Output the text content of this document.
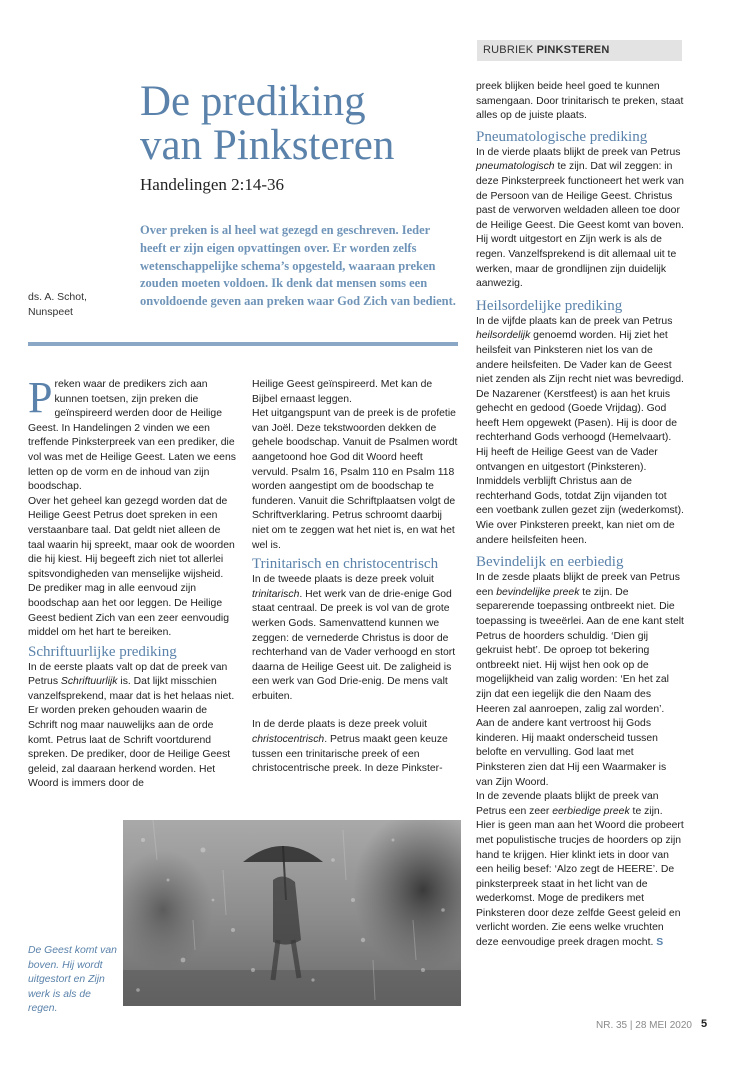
RUBRIEK PINKSTEREN
De prediking
van Pinksteren
Handelingen 2:14-36
Over preken is al heel wat gezegd en geschreven. Ieder heeft er zijn eigen opvattingen over. Er worden zelfs wetenschappelijke schema’s opgesteld, waaraan preken zouden moeten voldoen. Ik denk dat mensen soms een onvoldoende geven aan preken waar God Zich van bedient.
ds. A. Schot,
Nunspeet

Preken waar de predikers zich aan kunnen toetsen, zijn preken die geïnspireerd werden door de Heilige Geest. In Handelingen 2 vinden we een treffende Pinksterpreek van een prediker, die vol was met de Heilige Geest. Laten we eens letten op de vorm en de inhoud van zijn boodschap.

Over het geheel kan gezegd worden dat de Heilige Geest Petrus doet spreken in een verstaanbare taal. Dat geldt niet alleen de taal waarin hij spreekt, maar ook de woorden die hij kiest. Hij begeeft zich niet tot allerlei spitsvondigheden van menselijke wijsheid. De prediker mag in alle eenvoud zijn boodschap aan het oor leggen. De Heilige Geest bedient Zich van een zeer eenvoudig middel om het hart te bereiken.

Schriftuurlijke prediking

In de eerste plaats valt op dat de preek van Petrus Schriftuurlijk is. Dat lijkt misschien vanzelfsprekend, maar dat is het helaas niet. Er worden preken gehouden waarin de Schrift nog maar nauwelijks aan de orde komt. Petrus laat de Schrift voortdurend spreken. De prediker, door de Heilige Geest geleid, zal daaraan herkend worden. Het Woord is immers door de

Heilige Geest geïnspireerd. Met kan de Bijbel ernaast leggen.

Het uitgangspunt van de preek is de profetie van Joël. Deze tekstwoorden dekken de gehele boodschap. Vanuit de Psalmen wordt aangetoond hoe God dit Woord heeft vervuld. Psalm 16, Psalm 110 en Psalm 118 worden aangestipt om de boodschap te funderen. Vanuit die Schriftplaatsen volgt de Schriftverklaring. Petrus schroomt daarbij niet om te zeggen wat het niet is, en wat het wel is.

Trinitarisch en christocentrisch

In de tweede plaats is deze preek voluit trinitarisch. Het werk van de drie-enige God staat centraal. De preek is vol van de grote werken Gods. Samenvattend kunnen we zeggen: de vernederde Christus is door de rechterhand van de Vader verhoogd en stort daarna de Heilige Geest uit. De zaligheid is een werk van God Drie-enig. De mens valt erbuiten.

In de derde plaats is deze preek voluit christocentrisch. Petrus maakt geen keuze tussen een trinitarische preek of een christocentrische preek. In deze Pinkster-

preek blijken beide heel goed te kunnen samengaan. Door trinitarisch te preken, staat alles op de juiste plaats.

Pneumatologische prediking

In de vierde plaats blijkt de preek van Petrus pneumatologisch te zijn. Dat wil zeggen: in deze Pinksterpreek functioneert het werk van de Persoon van de Heilige Geest. Christus past de verworven weldaden alleen toe door de Heilige Geest. Die Geest komt van boven. Hij wordt uitgestort en Zijn werk is als de regen. Vanzelfsprekend is dit allemaal uit te werken, maar de grondlijnen zijn duidelijk aanwezig.

Heilsordelijke prediking

In de vijfde plaats kan de preek van Petrus heilsordelijk genoemd worden. Hij ziet het heilsfeit van Pinksteren niet los van de andere heilsfeiten. De Vader kan de Geest niet zenden als Zijn recht niet was bevredigd. De Nazarener (Kerstfeest) is aan het kruis gehecht en gedood (Goede Vrijdag). God heeft Hem opgewekt (Pasen). Hij is door de rechterhand Gods verhoogd (Hemelvaart). Hij heeft de Heilige Geest van de Vader ontvangen en uitgestort (Pinksteren). Inmiddels verblijft Christus aan de rechterhand Gods, totdat Zijn vijanden tot een voetbank zullen gezet zijn (wederkomst). Wie over Pinksteren preekt, kan niet om de andere heilsfeiten heen.

Bevindelijk en eerbiedig

In de zesde plaats blijkt de preek van Petrus een bevindelijke preek te zijn. De separerende toepassing ontbreekt niet. Die toepassing is tweeërlei. Aan de ene kant stelt Petrus de hoorders schuldig. ‘Dien gij gekruist hebt’. De oproep tot bekering ontbreekt niet. Hij wijst hen ook op de mogelijkheid van zalig worden: ‘En het zal zijn dat een iegelijk die den Naam des Heeren zal aanroepen, zalig zal worden’. Aan de andere kant vertroost hij Gods kinderen. Hij maakt onderscheid tussen belofte en vervulling. God laat met Pinksteren zien dat Hij een Waarmaker is van Zijn Woord.

In de zevende plaats blijkt de preek van Petrus een zeer eerbiedige preek te zijn. Hier is geen man aan het Woord die probeert met populistische trucjes de hoorders op zijn hand te krijgen. Hier klinkt iets in door van een heilig besef: ‘Alzo zegt de HEERE’. De pinksterpreek staat in het licht van de wederkomst. Moge de predikers met Pinksteren door deze zelfde Geest geleid en verlicht worden. Zie eens welke vruchten deze eenvoudige preek dragen mocht. S

De Geest komt van boven. Hij wordt uitgestort en Zijn werk is als de regen.
NR. 35 | 28 MEI 2020 5
